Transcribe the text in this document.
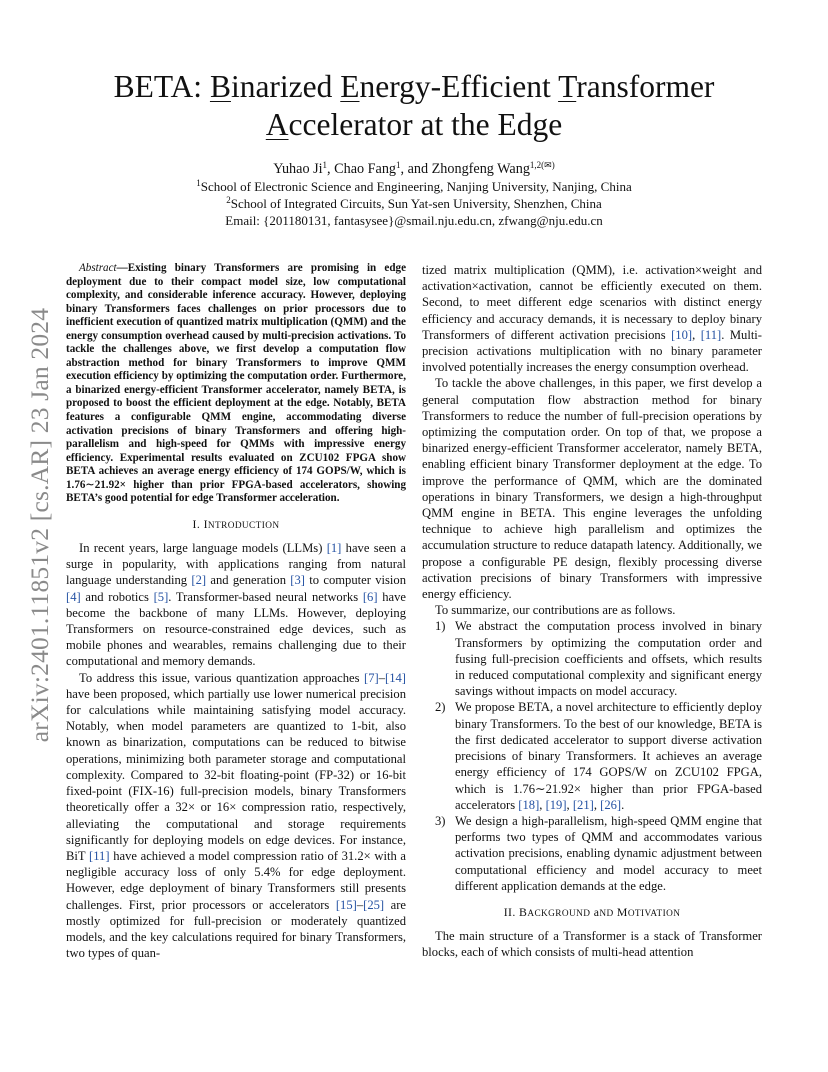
arXiv:2401.11851v2 [cs.AR] 23 Jan 2024
BETA: Binarized Energy-Efficient Transformer
Accelerator at the Edge
Yuhao Ji$^1$, Chao Fang$^1$, and Zhongfeng Wang$^{1,2(✉)}$
$^1$School of Electronic Science and Engineering, Nanjing University, Nanjing, China
$^2$School of Integrated Circuits, Sun Yat-sen University, Shenzhen, China
Email: {201180131, fantasysee}@smail.nju.edu.cn, zfwang@nju.edu.cn

Abstract—Existing binary Transformers are promising in edge deployment due to their compact model size, low computational complexity, and considerable inference accuracy. However, deploying binary Transformers faces challenges on prior processors due to inefficient execution of quantized matrix multiplication (QMM) and the energy consumption overhead caused by multi-precision activations. To tackle the challenges above, we first develop a computation flow abstraction method for binary Transformers to improve QMM execution efficiency by optimizing the computation order. Furthermore, a binarized energy-efficient Transformer accelerator, namely BETA, is proposed to boost the efficient deployment at the edge. Notably, BETA features a configurable QMM engine, accommodating diverse activation precisions of binary Transformers and offering high-parallelism and high-speed for QMMs with impressive energy efficiency. Experimental results evaluated on ZCU102 FPGA show BETA achieves an average energy efficiency of 174 GOPS/W, which is 1.76∼21.92× higher than prior FPGA-based accelerators, showing BETA’s good potential for edge Transformer acceleration.

I. INTRODUCTION

In recent years, large language models (LLMs) [1] have seen a surge in popularity, with applications ranging from natural language understanding [2] and generation [3] to computer vision [4] and robotics [5]. Transformer-based neural networks [6] have become the backbone of many LLMs. However, deploying Transformers on resource-constrained edge devices, such as mobile phones and wearables, remains challenging due to their computational and memory demands.

To address this issue, various quantization approaches [7]–[14] have been proposed, which partially use lower numerical precision for calculations while maintaining satisfying model accuracy. Notably, when model parameters are quantized to 1-bit, also known as binarization, computations can be reduced to bitwise operations, minimizing both parameter storage and computational complexity. Compared to 32-bit floating-point (FP-32) or 16-bit fixed-point (FIX-16) full-precision models, binary Transformers theoretically offer a 32× or 16× compression ratio, respectively, alleviating the computational and storage requirements significantly for deploying models on edge devices. For instance, BiT [11] have achieved a model compression ratio of 31.2× with a negligible accuracy loss of only 5.4% for edge deployment. However, edge deployment of binary Transformers still presents challenges. First, prior processors or accelerators [15]–[25] are mostly optimized for full-precision or moderately quantized models, and the key calculations required for binary Transformers, two types of quan-

tized matrix multiplication (QMM), i.e. activation×weight and activation×activation, cannot be efficiently executed on them. Second, to meet different edge scenarios with distinct energy efficiency and accuracy demands, it is necessary to deploy binary Transformers of different activation precisions [10], [11]. Multi-precision activations multiplication with no binary parameter involved potentially increases the energy consumption overhead.

To tackle the above challenges, in this paper, we first develop a general computation flow abstraction method for binary Transformers to reduce the number of full-precision operations by optimizing the computation order. On top of that, we propose a binarized energy-efficient Transformer accelerator, namely BETA, enabling efficient binary Transformer deployment at the edge. To improve the performance of QMM, which are the dominated operations in binary Transformers, we design a high-throughput QMM engine in BETA. This engine leverages the unfolding technique to achieve high parallelism and optimizes the accumulation structure to reduce datapath latency. Additionally, we propose a configurable PE design, flexibly processing diverse activation precisions of binary Transformers with impressive energy efficiency.

To summarize, our contributions are as follows.

1) We abstract the computation process involved in binary Transformers by optimizing the computation order and fusing full-precision coefficients and offsets, which results in reduced computational complexity and significant energy savings without impacts on model accuracy.
2) We propose BETA, a novel architecture to efficiently deploy binary Transformers. To the best of our knowledge, BETA is the first dedicated accelerator to support diverse activation precisions of binary Transformers. It achieves an average energy efficiency of 174 GOPS/W on ZCU102 FPGA, which is 1.76∼21.92× higher than prior FPGA-based accelerators [18], [19], [21], [26].
3) We design a high-parallelism, high-speed QMM engine that performs two types of QMM and accommodates various activation precisions, enabling dynamic adjustment between computational efficiency and model accuracy to meet different application demands at the edge.
II. BACKGROUND aND MOTIVATION

The main structure of a Transformer is a stack of Transformer blocks, each of which consists of multi-head attention
